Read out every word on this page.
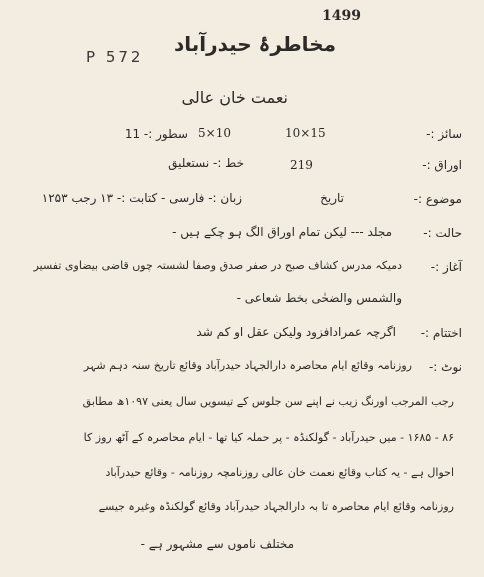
1499
P 572
مخاطرۂ حیدرآباد
نعمت خان عالی
سائز :-
10×15
5×10
سطور :- 11
اوراق :-
219
خط :- نستعلیق
موضوع :-
تاریخ
زبان :- فارسی - کتابت :- ۱۳ رجب ۱۲۵۳
حالت :-
مجلد --- لیکن تمام اوراق الگ ہو چکے ہیں -
آغاز :-
دمیکہ مدرس کشاف صبح در صفر صدق وصفا لشستہ چوں قاضی بیضاوی تفسیر
والشمس والضحٰی بخط شعاعی -
اختتام :-
اگرچہ عمرادافزود ولیکن عقل او کم شد
نوٹ :-
روزنامہ وقائع ایام محاصرہ دارالجہاد حیدرآباد وقائع تاریخ سنہ دہم شہر
رجب المرجب اورنگ زیب نے اپنے سن جلوس کے تیسویں سال یعنی ۱۰۹۷ھ مطابق
۸۶ - ۱۶۸۵ - میں حیدرآباد - گولکنڈہ - پر حملہ کیا تھا - ایام محاصرہ کے آٹھ روز کا
احوال ہے - یہ کتاب وقائع نعمت خان عالی روزنامچہ روزنامہ - وقائع حیدرآباد
روزنامہ وقائع ایام محاصرہ تا بہ دارالجہاد حیدرآباد وقائع گولکنڈہ وغیرہ جیسے
مختلف ناموں سے مشہور ہے -
